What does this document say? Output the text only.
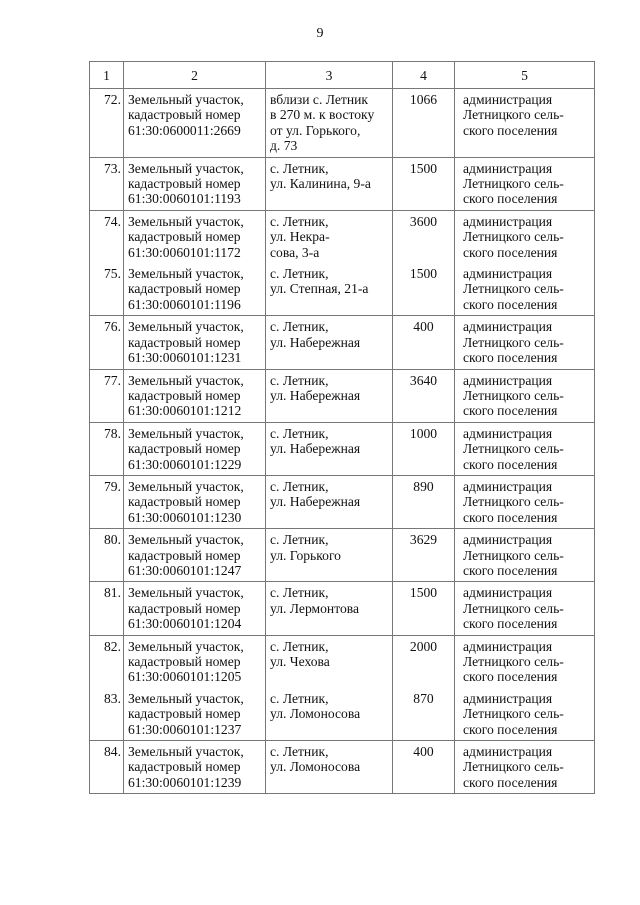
9
1	2	3	4	5
72.	Земельный участок,
кадастровый номер
61:30:0600011:2669	вблизи с. Летник
в 270 м. к востоку
от ул. Горького,
д. 73	1066	администрация
Летницкого сель-
ского поселения

73.	Земельный участок,
кадастровый номер
61:30:0060101:1193	с. Летник,
ул. Калинина, 9-а	1500	администрация
Летницкого сель-
ского поселения

74.	Земельный участок,
кадастровый номер
61:30:0060101:1172	с. Летник,
ул. Некра-
сова, 3-а	3600	администрация
Летницкого сель-
ского поселения

75.	Земельный участок,
кадастровый номер
61:30:0060101:1196	с. Летник,
ул. Степная, 21-а	1500	администрация
Летницкого сель-
ского поселения

76.	Земельный участок,
кадастровый номер
61:30:0060101:1231	с. Летник,
ул. Набережная	400	администрация
Летницкого сель-
ского поселения

77.	Земельный участок,
кадастровый номер
61:30:0060101:1212	с. Летник,
ул. Набережная	3640	администрация
Летницкого сель-
ского поселения

78.	Земельный участок,
кадастровый номер
61:30:0060101:1229	с. Летник,
ул. Набережная	1000	администрация
Летницкого сель-
ского поселения

79.	Земельный участок,
кадастровый номер
61:30:0060101:1230	с. Летник,
ул. Набережная	890	администрация
Летницкого сель-
ского поселения

80.	Земельный участок,
кадастровый номер
61:30:0060101:1247	с. Летник,
ул. Горького	3629	администрация
Летницкого сель-
ского поселения

81.	Земельный участок,
кадастровый номер
61:30:0060101:1204	с. Летник,
ул. Лермонтова	1500	администрация
Летницкого сель-
ского поселения

82.	Земельный участок,
кадастровый номер
61:30:0060101:1205	с. Летник,
ул. Чехова	2000	администрация
Летницкого сель-
ского поселения

83.	Земельный участок,
кадастровый номер
61:30:0060101:1237	с. Летник,
ул. Ломоносова	870	администрация
Летницкого сель-
ского поселения

84.	Земельный участок,
кадастровый номер
61:30:0060101:1239	с. Летник,
ул. Ломоносова	400	администрация
Летницкого сель-
ского поселения
